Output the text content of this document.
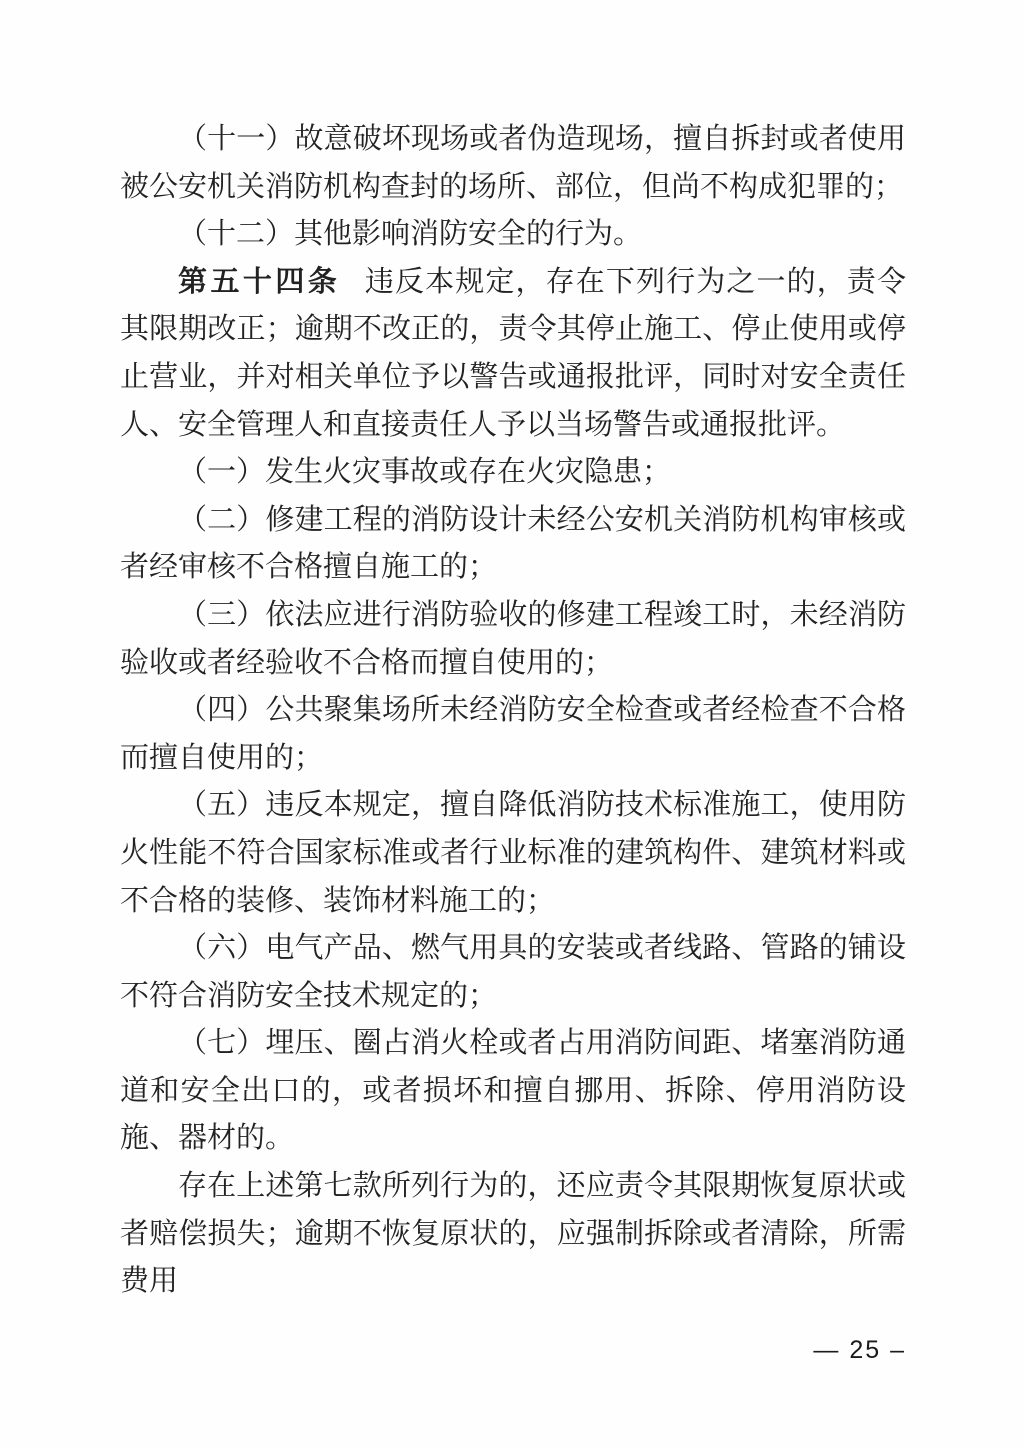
（十一）故意破坏现场或者伪造现场，擅自拆封或者使用被公安机关消防机构查封的场所、部位，但尚不构成犯罪的；

（十二）其他影响消防安全的行为。

第五十四条 违反本规定，存在下列行为之一的，责令其限期改正；逾期不改正的，责令其停止施工、停止使用或停止营业，并对相关单位予以警告或通报批评，同时对安全责任人、安全管理人和直接责任人予以当场警告或通报批评。

（一）发生火灾事故或存在火灾隐患；

（二）修建工程的消防设计未经公安机关消防机构审核或者经审核不合格擅自施工的；

（三）依法应进行消防验收的修建工程竣工时，未经消防验收或者经验收不合格而擅自使用的；

（四）公共聚集场所未经消防安全检查或者经检查不合格而擅自使用的；

（五）违反本规定，擅自降低消防技术标准施工，使用防火性能不符合国家标准或者行业标准的建筑构件、建筑材料或不合格的装修、装饰材料施工的；

（六）电气产品、燃气用具的安装或者线路、管路的铺设不符合消防安全技术规定的；

（七）埋压、圈占消火栓或者占用消防间距、堵塞消防通道和安全出口的，或者损坏和擅自挪用、拆除、停用消防设施、器材的。

存在上述第七款所列行为的，还应责令其限期恢复原状或者赔偿损失；逾期不恢复原状的，应强制拆除或者清除，所需费用

— 25 –
